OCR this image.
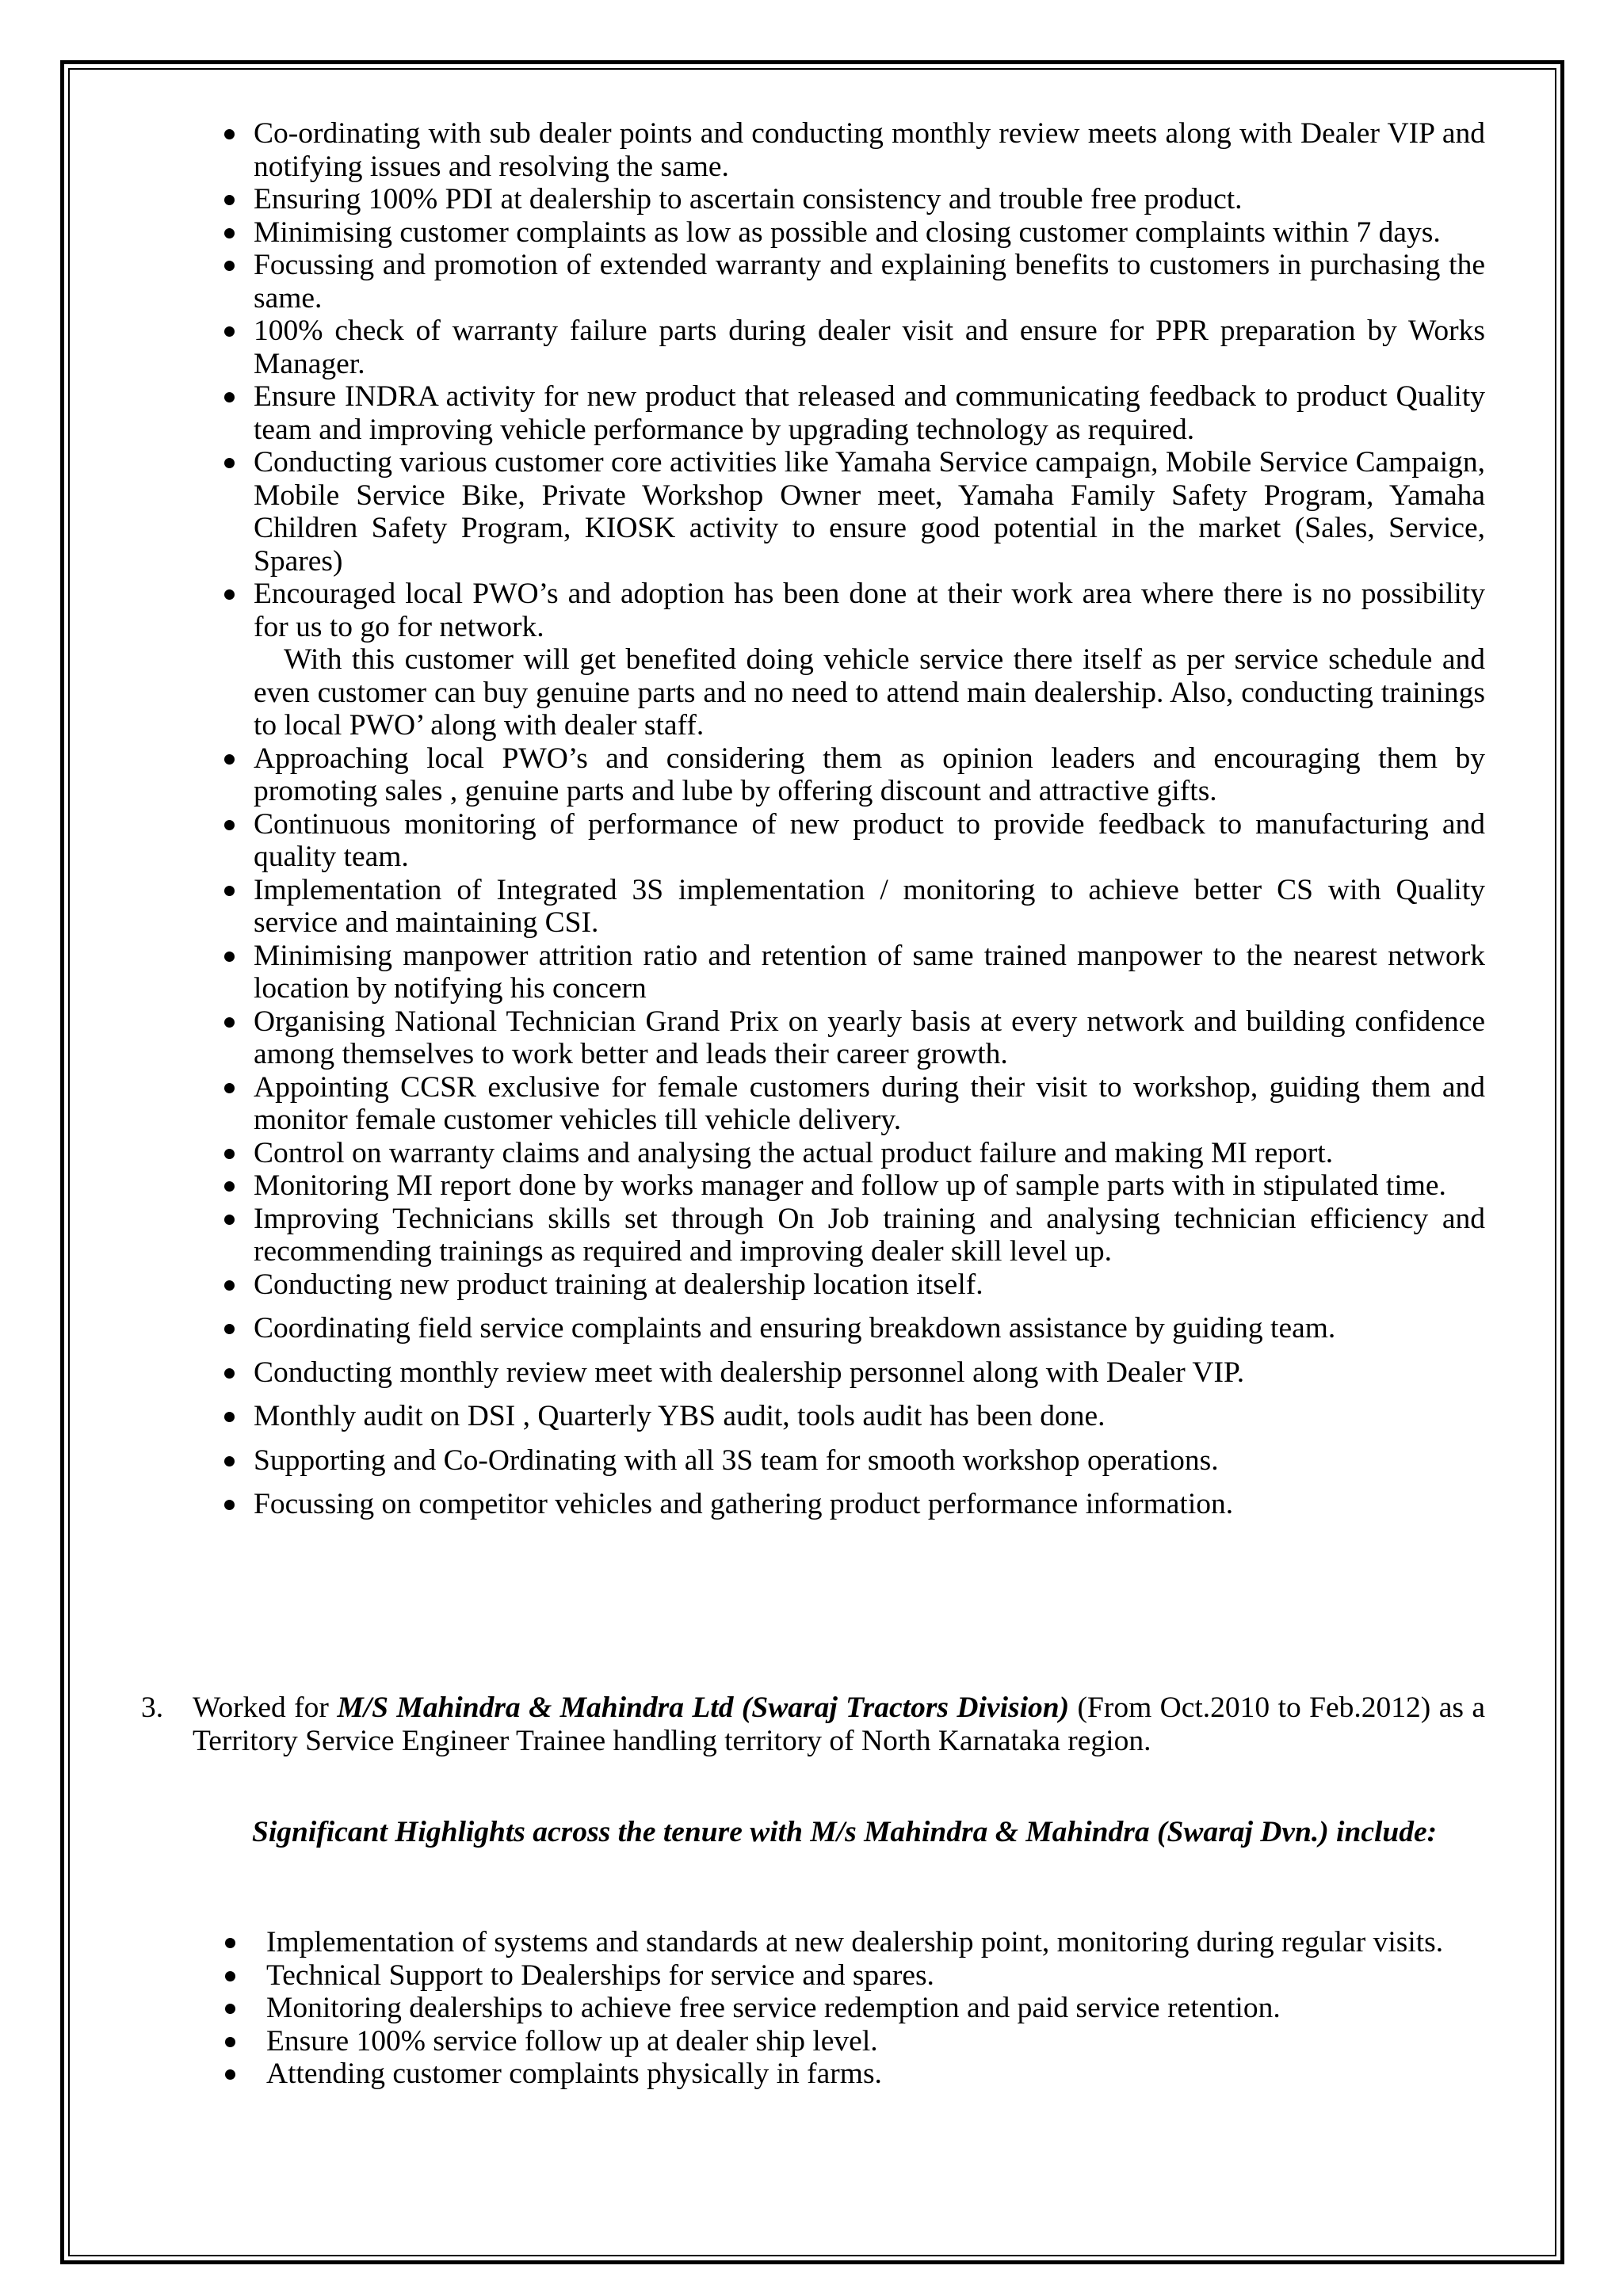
Co-ordinating with sub dealer points and conducting monthly review meets along with Dealer VIP and notifying issues and resolving the same.
Ensuring 100% PDI at dealership to ascertain consistency and trouble free product.
Minimising customer complaints as low as possible and closing customer complaints within 7 days.
Focussing and promotion of extended warranty and explaining benefits to customers in purchasing the same.
100% check of warranty failure parts during dealer visit and ensure for PPR preparation by Works Manager.
Ensure INDRA activity for new product that released and communicating feedback to product Quality team and improving vehicle performance by upgrading technology as required.
Conducting various customer core activities like Yamaha Service campaign, Mobile Service Campaign, Mobile Service Bike, Private Workshop Owner meet, Yamaha Family Safety Program, Yamaha Children Safety Program, KIOSK activity to ensure good potential in the market (Sales, Service, Spares)
Encouraged local PWO’s and adoption has been done at their work area where there is no possibility for us to go for network.
With this customer will get benefited doing vehicle service there itself as per service schedule and even customer can buy genuine parts and no need to attend main dealership. Also, conducting trainings to local PWO’ along with dealer staff.
Approaching local PWO’s and considering them as opinion leaders and encouraging them by promoting sales , genuine parts and lube by offering discount and attractive gifts.
Continuous monitoring of performance of new product to provide feedback to manufacturing and quality team.
Implementation of Integrated 3S implementation / monitoring to achieve better CS with Quality service and maintaining CSI.
Minimising manpower attrition ratio and retention of same trained manpower to the nearest network location by notifying his concern
Organising National Technician Grand Prix on yearly basis at every network and building confidence among themselves to work better and leads their career growth.
Appointing CCSR exclusive for female customers during their visit to workshop, guiding them and monitor female customer vehicles till vehicle delivery.
Control on warranty claims and analysing the actual product failure and making MI report.
Monitoring MI report done by works manager and follow up of sample parts with in stipulated time.
Improving Technicians skills set through On Job training and analysing technician efficiency and recommending trainings as required and improving dealer skill level up.
Conducting new product training at dealership location itself.
Coordinating field service complaints and ensuring breakdown assistance by guiding team.
Conducting monthly review meet with dealership personnel along with Dealer VIP.
Monthly audit on DSI , Quarterly YBS audit, tools audit has been done.
Supporting and Co-Ordinating with all 3S team for smooth workshop operations.
Focussing on competitor vehicles and gathering product performance information.
3. Worked for M/S Mahindra & Mahindra Ltd (Swaraj Tractors Division) (From Oct.2010 to Feb.2012) as a Territory Service Engineer Trainee handling territory of North Karnataka region.
Significant Highlights across the tenure with M/s Mahindra & Mahindra (Swaraj Dvn.) include:
Implementation of systems and standards at new dealership point, monitoring during regular visits.
Technical Support to Dealerships for service and spares.
Monitoring dealerships to achieve free service redemption and paid service retention.
Ensure 100% service follow up at dealer ship level.
Attending customer complaints physically in farms.
